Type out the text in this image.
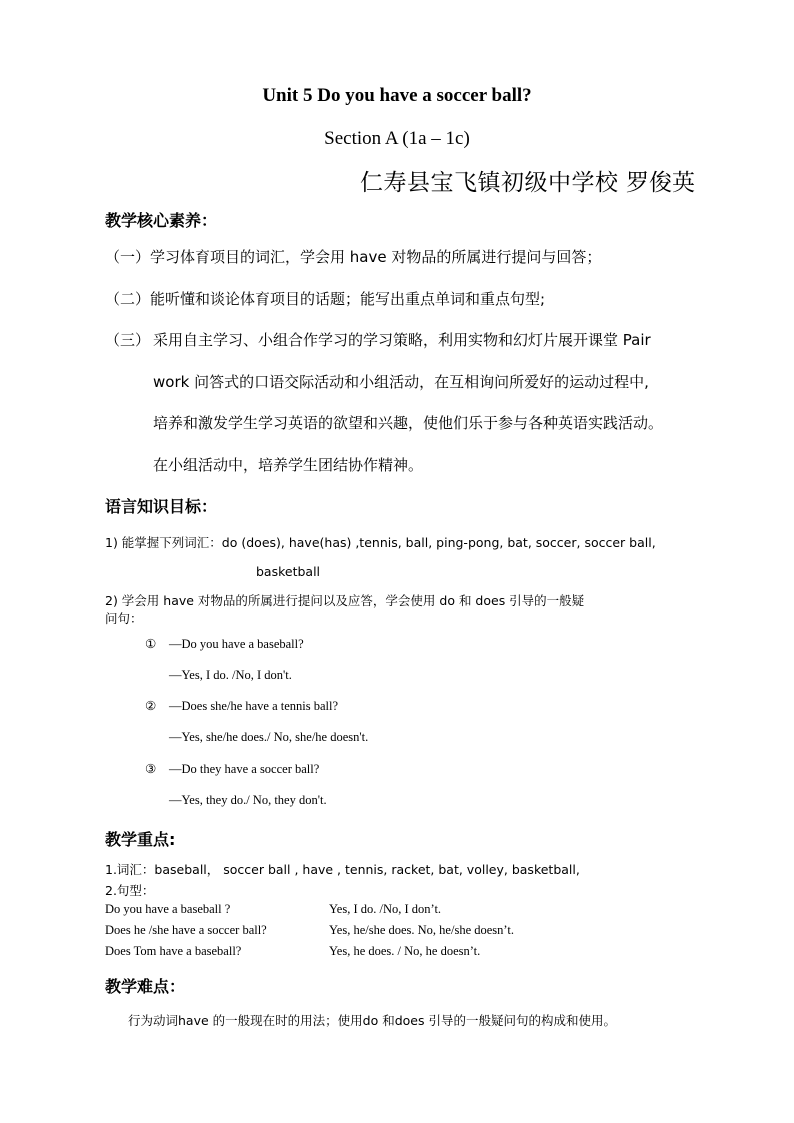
Unit 5 Do you have a soccer ball?
Section A (1a – 1c)
仁寿县宝飞镇初级中学校 罗俊英
教学核心素养：
（一）学习体育项目的词汇，学会用 have 对物品的所属进行提问与回答；
（二）能听懂和谈论体育项目的话题；能写出重点单词和重点句型;
（三） 采用自主学习、小组合作学习的学习策略，利用实物和幻灯片展开课堂 Pair
work 问答式的口语交际活动和小组活动，在互相询问所爱好的运动过程中,
培养和激发学生学习英语的欲望和兴趣，使他们乐于参与各种英语实践活动。
在小组活动中，培养学生团结协作精神。
语言知识目标：
1) 能掌握下列词汇：do (does), have(has) ,tennis, ball, ping-pong, bat, soccer, soccer ball,
basketball
2) 学会用 have 对物品的所属进行提问以及应答，学会使用 do 和 does 引导的一般疑
问句：
① —Do you have a baseball?
—Yes, I do. /No, I don't.
② —Does she/he have a tennis ball?
—Yes, she/he does./ No, she/he doesn't.
③ —Do they have a soccer ball?
—Yes, they do./ No, they don't.
教学重点:
1.词汇：baseball， soccer ball , have , tennis, racket, bat, volley, basketball,
2.句型：
Do you have a baseball ?	Yes, I do. /No, I don’t.
Does he /she have a soccer ball?	Yes, he/she does. No, he/she doesn’t.
Does Tom have a baseball?	Yes, he does. / No, he doesn’t.
教学难点：
行为动词have 的一般现在时的用法；使用do 和does 引导的一般疑问句的构成和使用。
